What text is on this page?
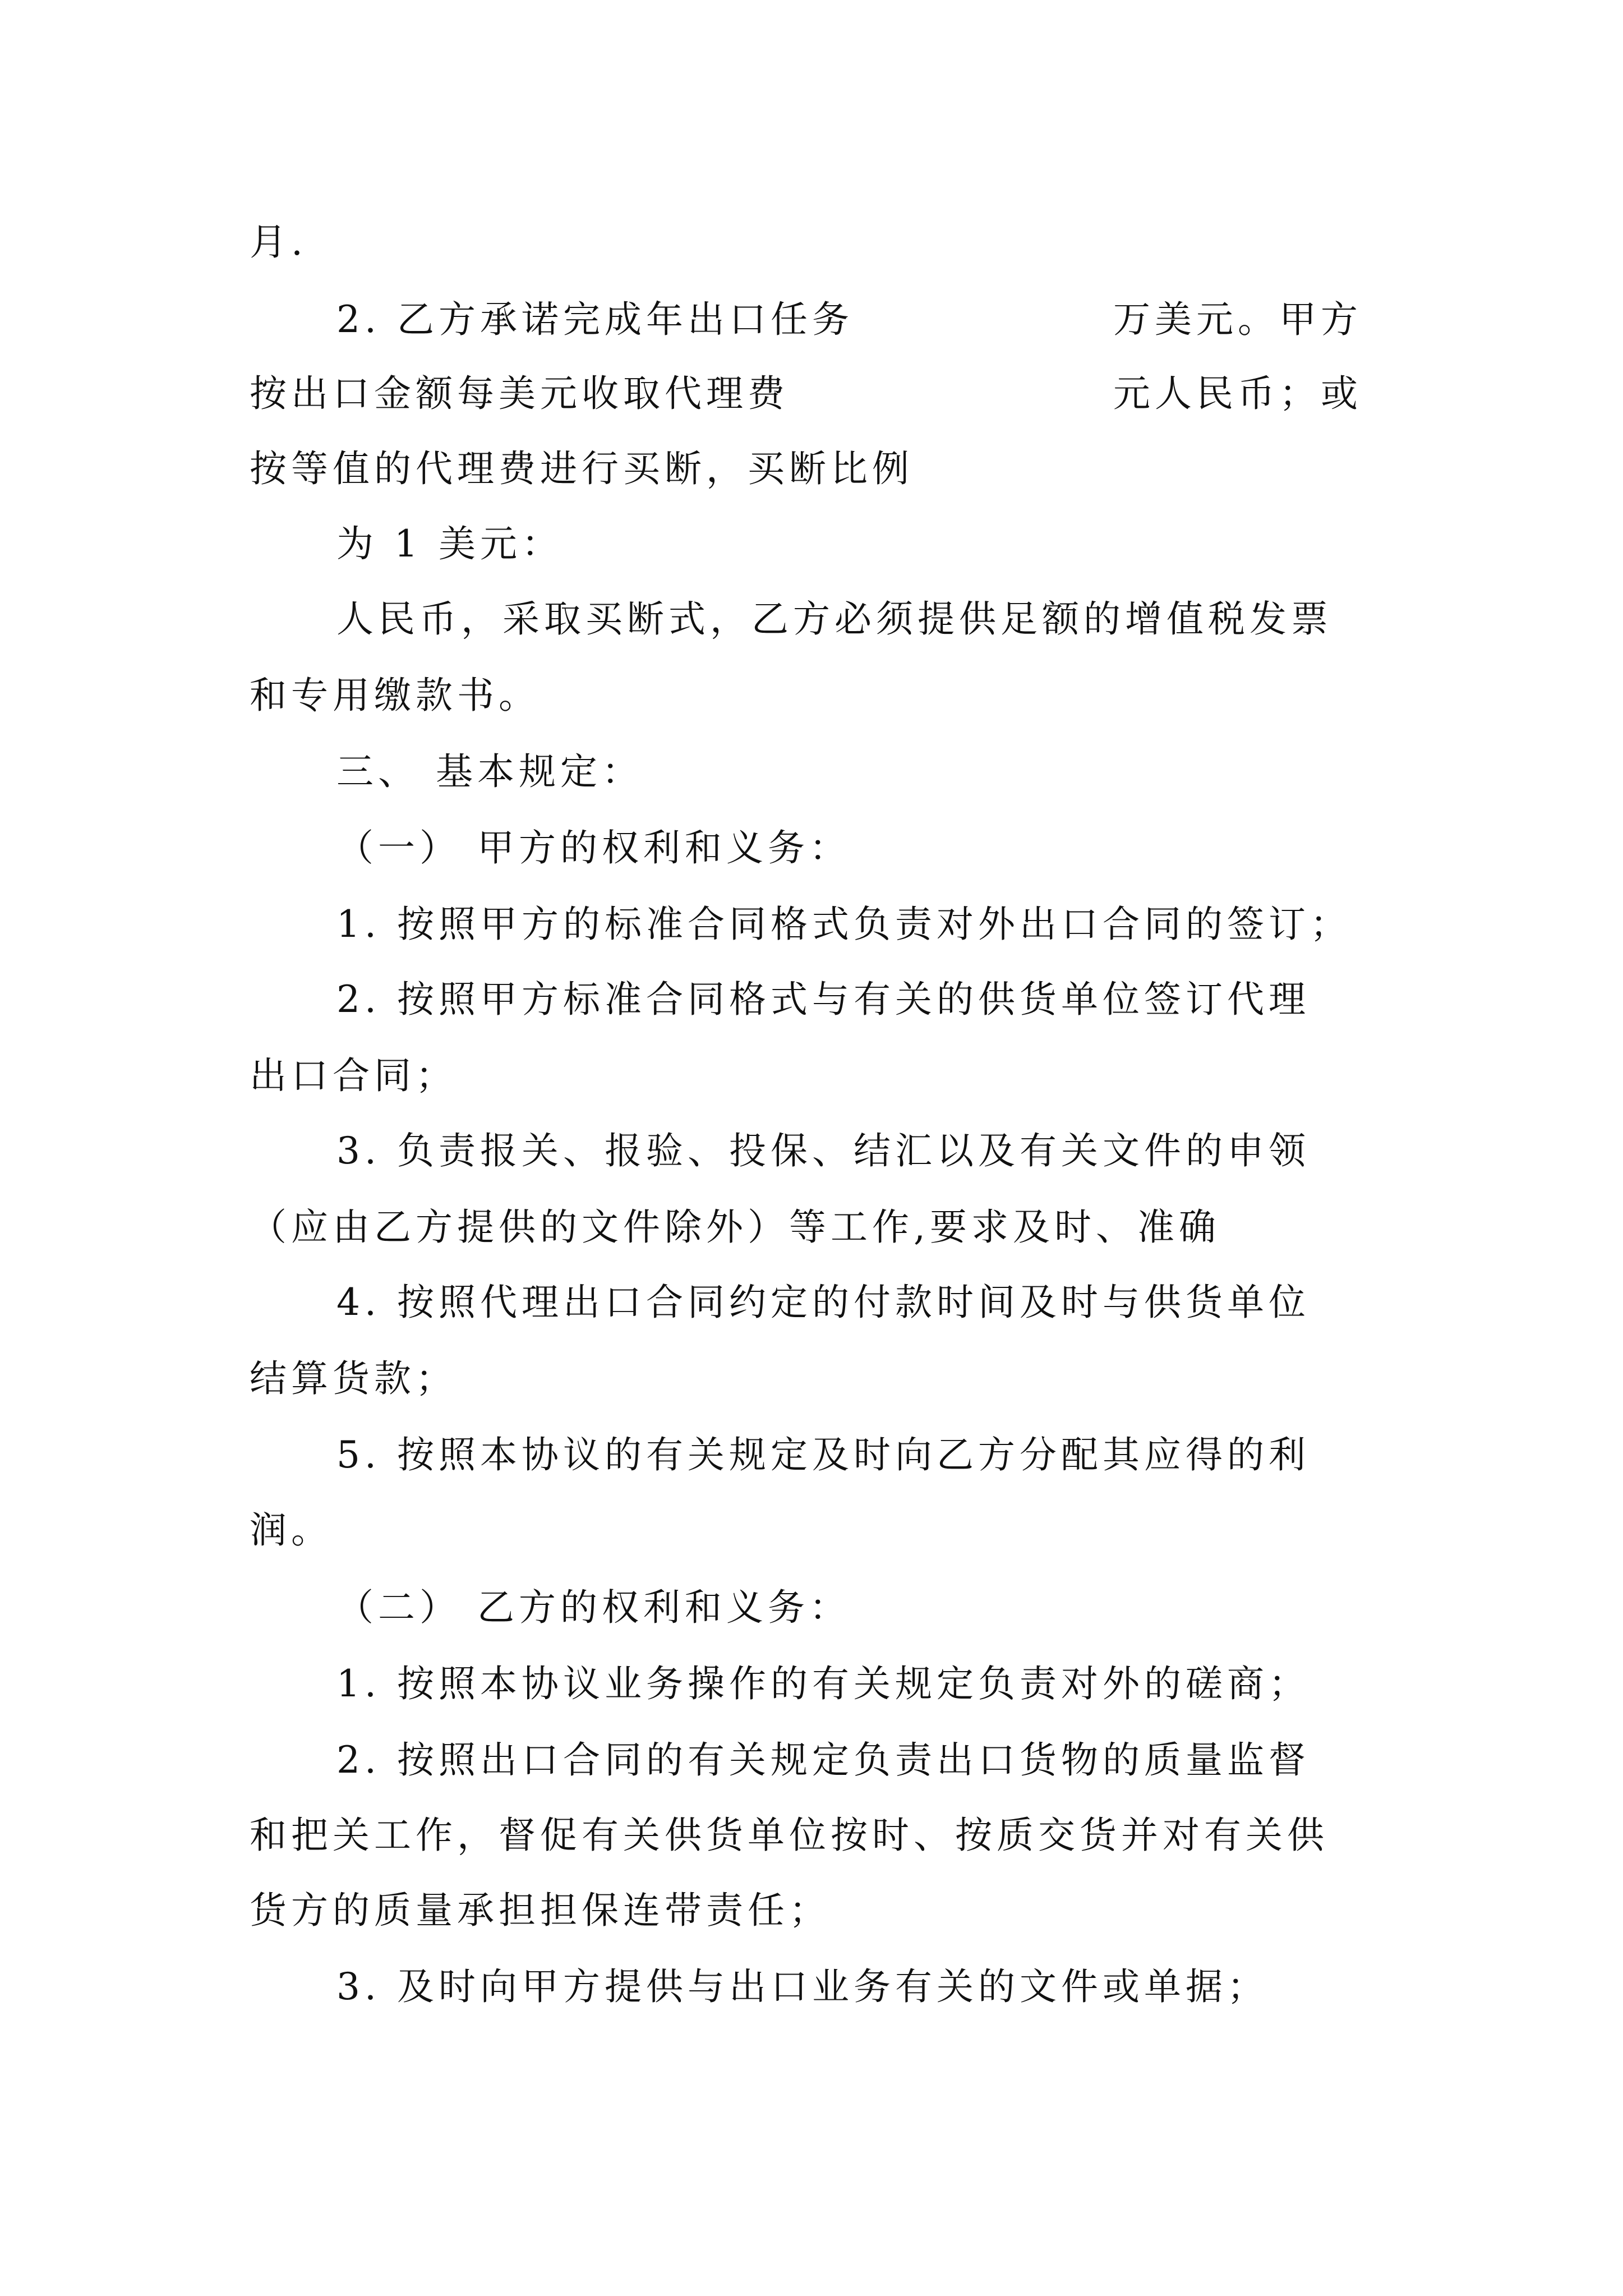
月.
2. 乙方承诺完成年出口任务	万美元。甲方
按出口金额每美元收取代理费	元人民币；或
按等值的代理费进行买断，买断比例
为 1 美元：
人民币，采取买断式，乙方必须提供足额的增值税发票
和专用缴款书。
三、 基本规定：
（一） 甲方的权利和义务：
1. 按照甲方的标准合同格式负责对外出口合同的签订；
2. 按照甲方标准合同格式与有关的供货单位签订代理
出口合同；
3. 负责报关、报验、投保、结汇以及有关文件的申领
（应由乙方提供的文件除外）等工作,要求及时、准确
4. 按照代理出口合同约定的付款时间及时与供货单位
结算货款；
5. 按照本协议的有关规定及时向乙方分配其应得的利
润。
（二） 乙方的权利和义务：
1. 按照本协议业务操作的有关规定负责对外的磋商；
2. 按照出口合同的有关规定负责出口货物的质量监督
和把关工作，督促有关供货单位按时、按质交货并对有关供
货方的质量承担担保连带责任；
3. 及时向甲方提供与出口业务有关的文件或单据；
